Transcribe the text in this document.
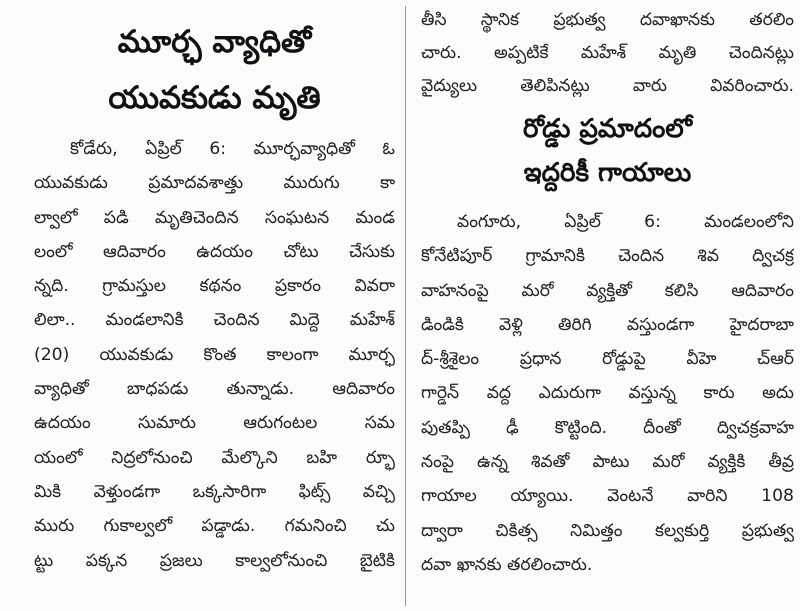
మూర్ఛ వ్యాధితో
యువకుడు మృతి
కోడేరు, ఏప్రిల్ 6: మూర్ఛవ్యాధితో ఓ
యువకుడు ప్రమాదవశాత్తు మురుగు కా
ల్వాలో పడి మృతిచెందిన సంఘటన మండ
లంలో ఆదివారం ఉదయం చోటు చేసుకు
న్నది. గ్రామస్తుల కథనం ప్రకారం వివరా
లిలా.. మండలానికి చెందిన మిద్దె మహేశ్
(20) యువకుడు కొంత కాలంగా మూర్ఛ
వ్యాధితో బాధపడు తున్నాడు. ఆదివారం
ఉదయం సుమారు ఆరుగంటల సమ
యంలో నిద్రలోనుంచి మేల్కొని బహి ర్భూ
మికి వెళ్తుండగా ఒక్కసారిగా ఫిట్స్ వచ్చి
మురు గుకాల్వలో పడ్డాడు. గమనించి చు
ట్టు పక్కన ప్రజలు కాల్వలోనుంచి బైటికి
తీసి స్థానిక ప్రభుత్వ దవాఖానకు తరలిం
చారు. అప్పటికే మహేశ్ మృతి చెందినట్లు
వైద్యులు తెలిపినట్లు వారు వివరించారు.
రోడ్డు ప్రమాదంలో
ఇద్దరికీ గాయాలు
వంగూరు, ఏప్రిల్ 6: మండలంలోని
కోనేటిపూర్ గ్రామానికి చెందిన శివ ద్విచక్ర
వాహనంపై మరో వ్యక్తితో కలిసి ఆదివారం
డిండికి వెళ్లి తిరిగి వస్తుండగా హైదరాబా
ద్-శ్రీశైలం ప్రధాన రోడ్డుపై వీహె చ్‌ఆర్
గార్డెన్ వద్ద ఎదురుగా వస్తున్న కారు అదు
పుతప్పి ఢీ కొట్టింది. దీంతో ద్విచక్రవాహ
నంపై ఉన్న శివతో పాటు మరో వ్యక్తికి తీవ్ర
గాయాల య్యాయి. వెంటనే వారిని 108
ద్వారా చికిత్స నిమిత్తం కల్వకుర్తి ప్రభుత్వ
దవా ఖానకు తరలించారు.
